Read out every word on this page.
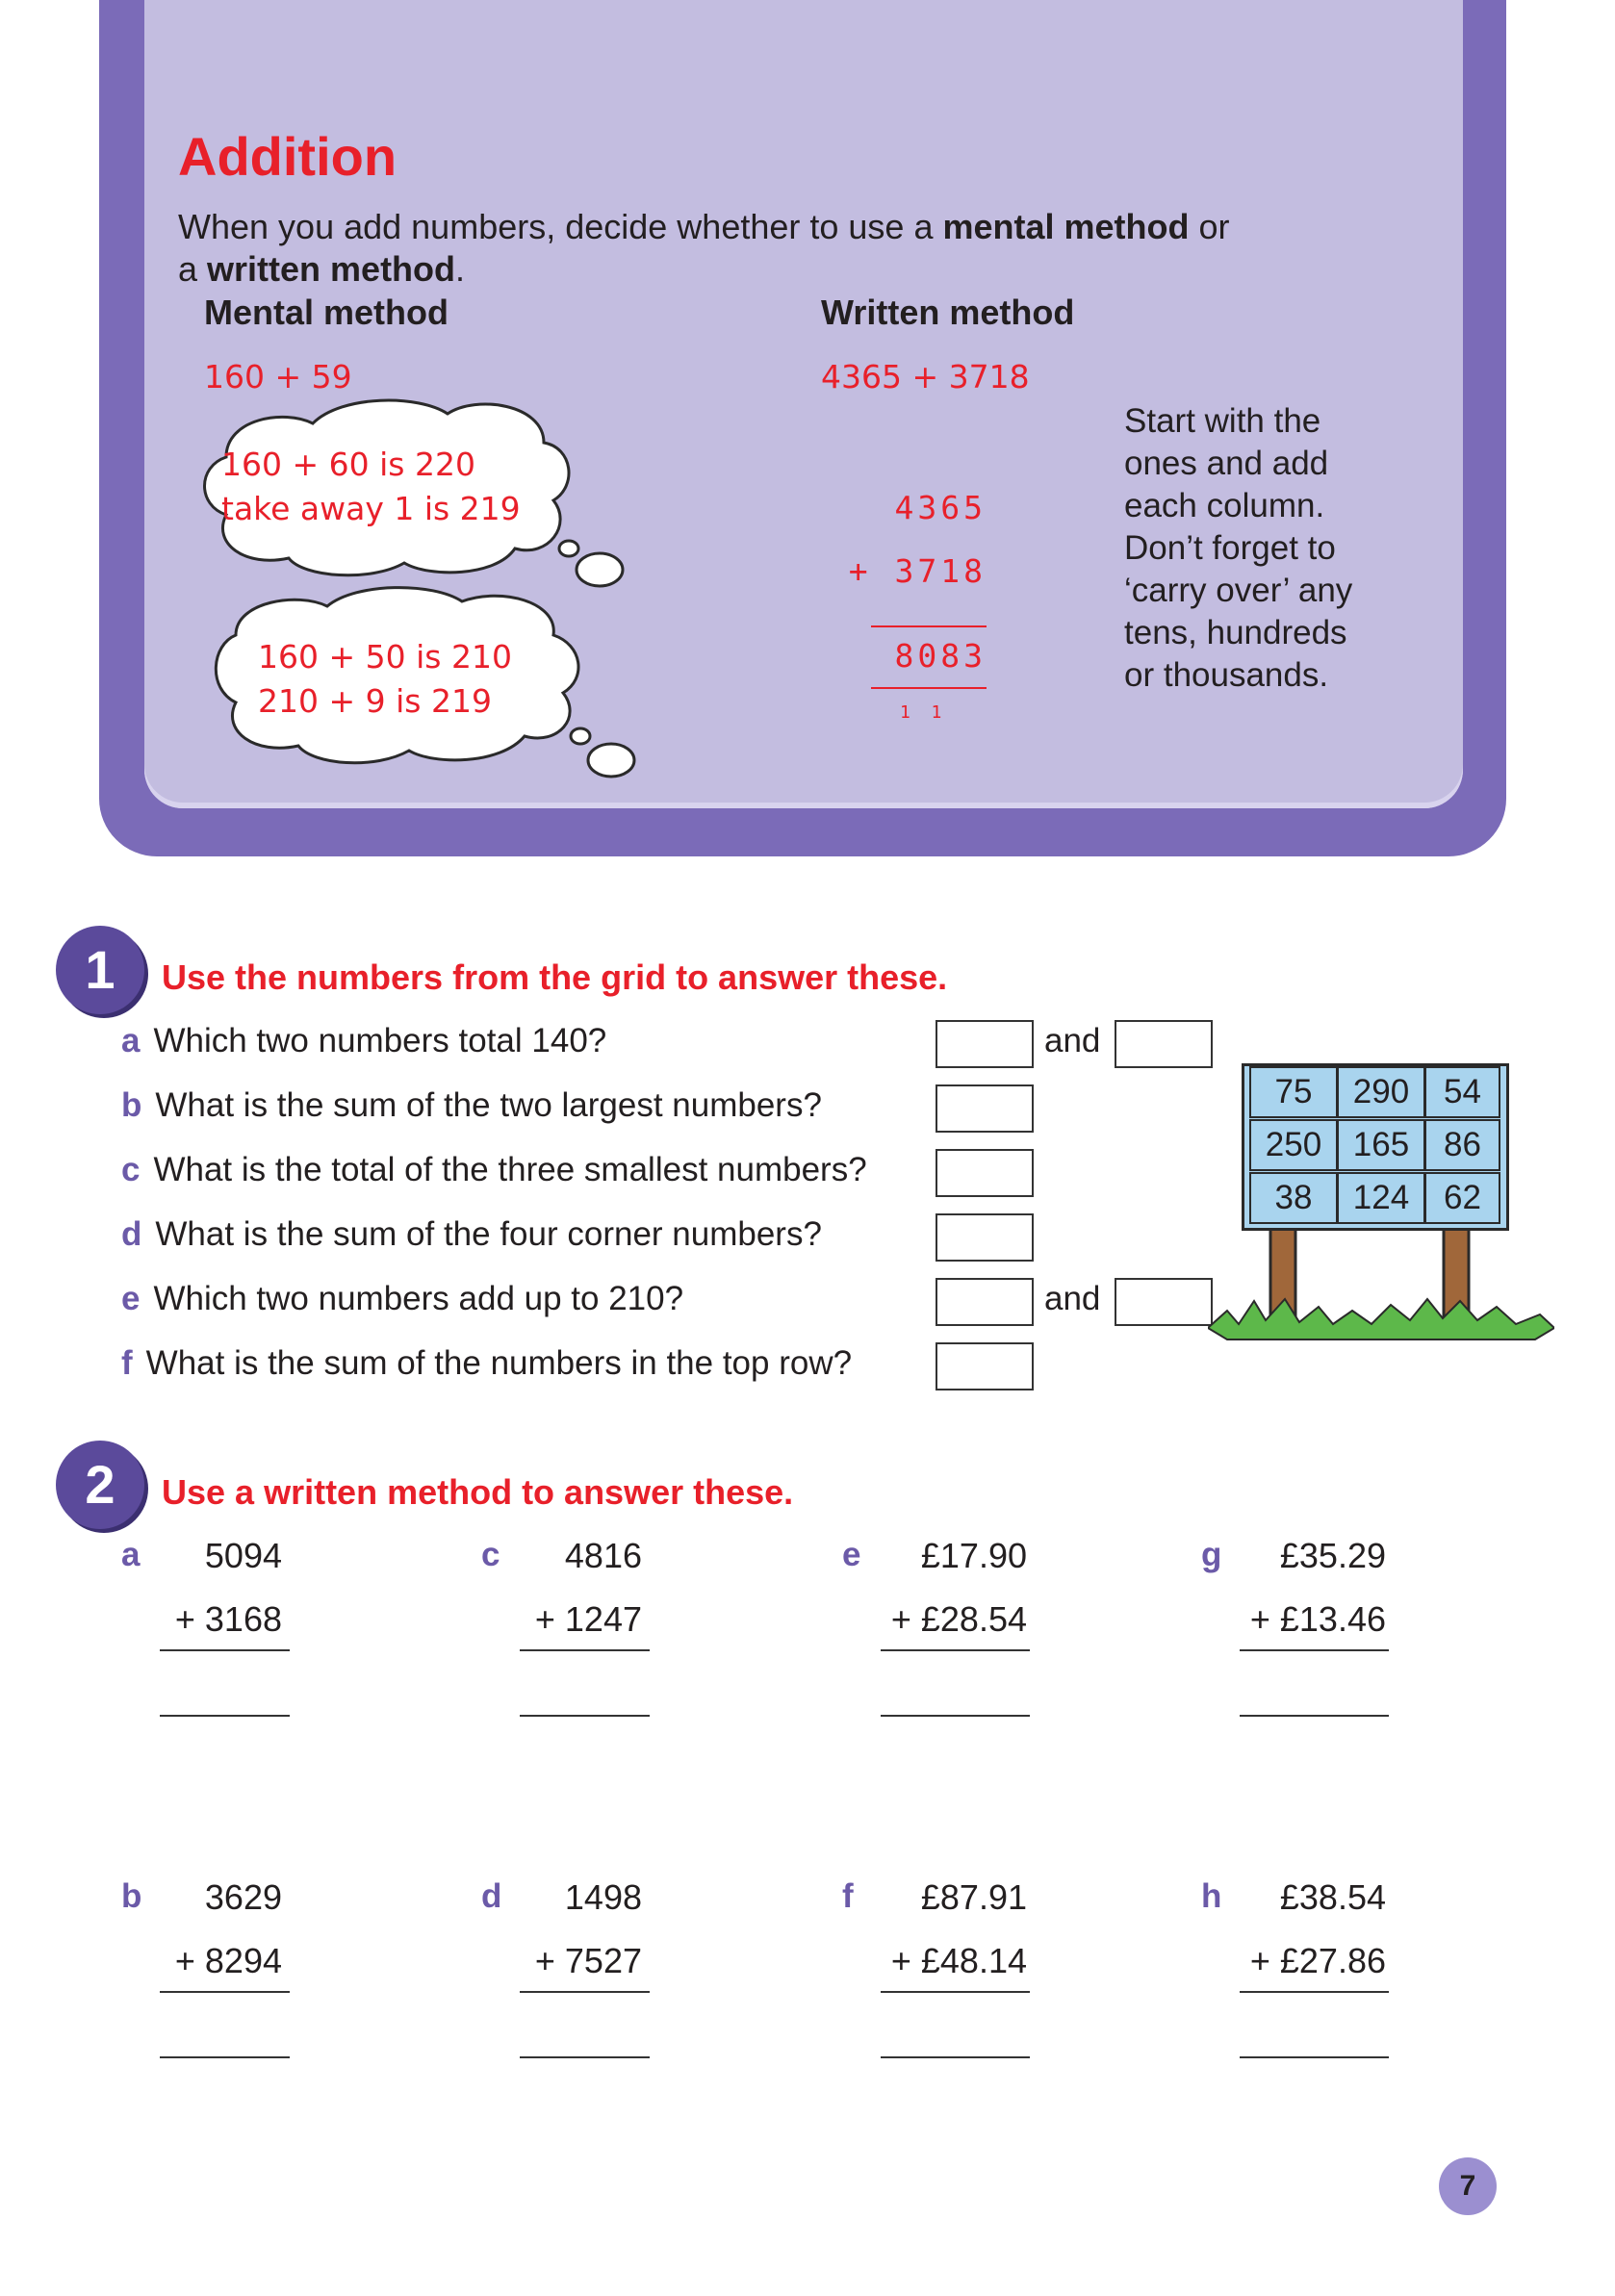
Addition
When you add numbers, decide whether to use a mental method or
a written method.
Mental method	Written method
160 + 59	4365 + 3718
160 + 60 is 220
take away 1 is 219
160 + 50 is 210
210 + 9 is 219
4365
+ 3718
8083
1  1
Start with the
ones and add
each column.
Don’t forget to
‘carry over’ any
tens, hundreds
or thousands.
1	Use the numbers from the grid to answer these.
a Which two numbers total 140?
b What is the sum of the two largest numbers?
c What is the total of the three smallest numbers?
d What is the sum of the four corner numbers?
e Which two numbers add up to 210?
f What is the sum of the numbers in the top row?
and
and
75	290	54
250 165	86
38	124	62
2	Use a written method to answer these.
a	5094
+ 3168
c	4816
+ 1247
e	£17.90
+ £28.54
g	£35.29
+ £13.46
b	3629
+ 8294
d	1498
+ 7527
f	£87.91
+ £48.14
h	£38.54
+ £27.86
7
